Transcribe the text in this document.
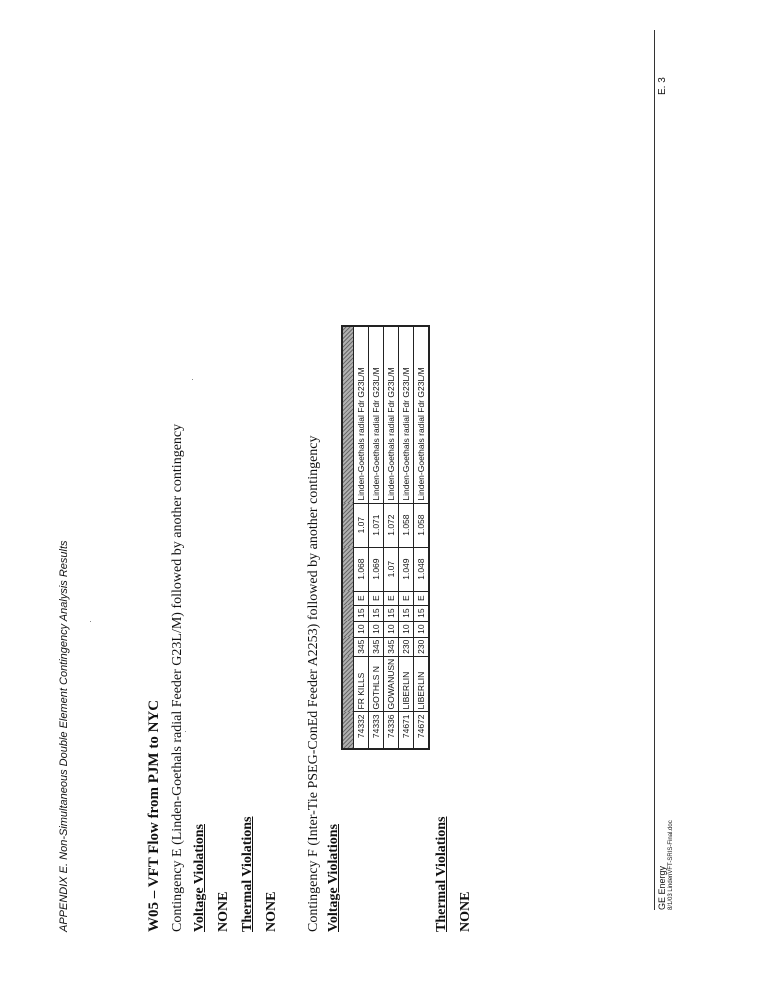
APPENDIX E. Non-Simultaneous Double Element Contingency Analysis Results	W05 – VFT Flow from PJM to NYC Contingency E (Linden-Goethals radial Feeder G23L/M) followed by another contingency Voltage Violations NONE Thermal Violations NONE Contingency F (Inter-Tie PSEG-ConEd Feeder A2253) followed by another contingency Voltage Violations

74332	FR KILLS	345	10	15	E	1.068	1.07	Linden-Goethals radial Fdr G23L/M
74333	GOTHLS N	345	10	15	E	1.069	1.071	Linden-Goethals radial Fdr G23L/M
74336	GOWANUSN	345	10	15	E	1.07	1.072	Linden-Goethals radial Fdr G23L/M
74671	LIBERLIN	230	10	15	E	1.049	1.058	Linden-Goethals radial Fdr G23L/M
74672	LIBERLIN	230	10	15	E	1.048	1.058	Linden-Goethals radial Fdr G23L/M
Thermal Violations NONE
GE Energy 8/1/03 LindenVFT-SRIS-Final.doc
E. 3
